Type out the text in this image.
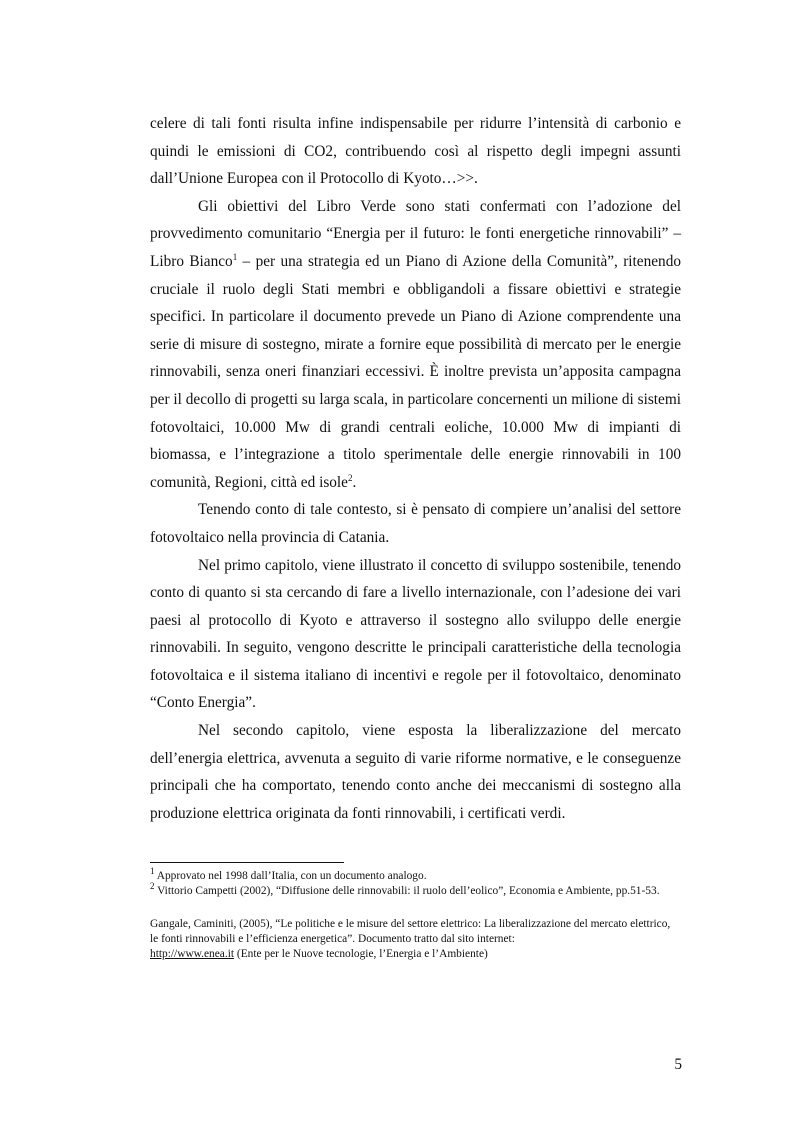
celere di tali fonti risulta infine indispensabile per ridurre l’intensità di carbonio e quindi le emissioni di CO2, contribuendo così al rispetto degli impegni assunti dall’Unione Europea con il Protocollo di Kyoto…>>.

Gli obiettivi del Libro Verde sono stati confermati con l’adozione del provvedimento comunitario “Energia per il futuro: le fonti energetiche rinnovabili” – Libro Bianco$^1$ – per una strategia ed un Piano di Azione della Comunità”, ritenendo cruciale il ruolo degli Stati membri e obbligandoli a fissare obiettivi e strategie specifici. In particolare il documento prevede un Piano di Azione comprendente una serie di misure di sostegno, mirate a fornire eque possibilità di mercato per le energie rinnovabili, senza oneri finanziari eccessivi. È inoltre prevista un’apposita campagna per il decollo di progetti su larga scala, in particolare concernenti un milione di sistemi fotovoltaici, 10.000 Mw di grandi centrali eoliche, 10.000 Mw di impianti di biomassa, e l’integrazione a titolo sperimentale delle energie rinnovabili in 100 comunità, Regioni, città ed isole$^2$.

Tenendo conto di tale contesto, si è pensato di compiere un’analisi del settore fotovoltaico nella provincia di Catania.

Nel primo capitolo, viene illustrato il concetto di sviluppo sostenibile, tenendo conto di quanto si sta cercando di fare a livello internazionale, con l’adesione dei vari paesi al protocollo di Kyoto e attraverso il sostegno allo sviluppo delle energie rinnovabili. In seguito, vengono descritte le principali caratteristiche della tecnologia fotovoltaica e il sistema italiano di incentivi e regole per il fotovoltaico, denominato “Conto Energia”.

Nel secondo capitolo, viene esposta la liberalizzazione del mercato dell’energia elettrica, avvenuta a seguito di varie riforme normative, e le conseguenze principali che ha comportato, tenendo conto anche dei meccanismi di sostegno alla produzione elettrica originata da fonti rinnovabili, i certificati verdi.

$^1$ Approvato nel 1998 dall’Italia, con un documento analogo.

$^2$ Vittorio Campetti (2002), “Diffusione delle rinnovabili: il ruolo dell’eolico”, Economia e Ambiente, pp.51-53.

Gangale, Caminiti, (2005), “Le politiche e le misure del settore elettrico: La liberalizzazione del mercato elettrico,

le fonti rinnovabili e l’efficienza energetica”. Documento tratto dal sito internet:

http://www.enea.it (Ente per le Nuove tecnologie, l’Energia e l’Ambiente)

5
